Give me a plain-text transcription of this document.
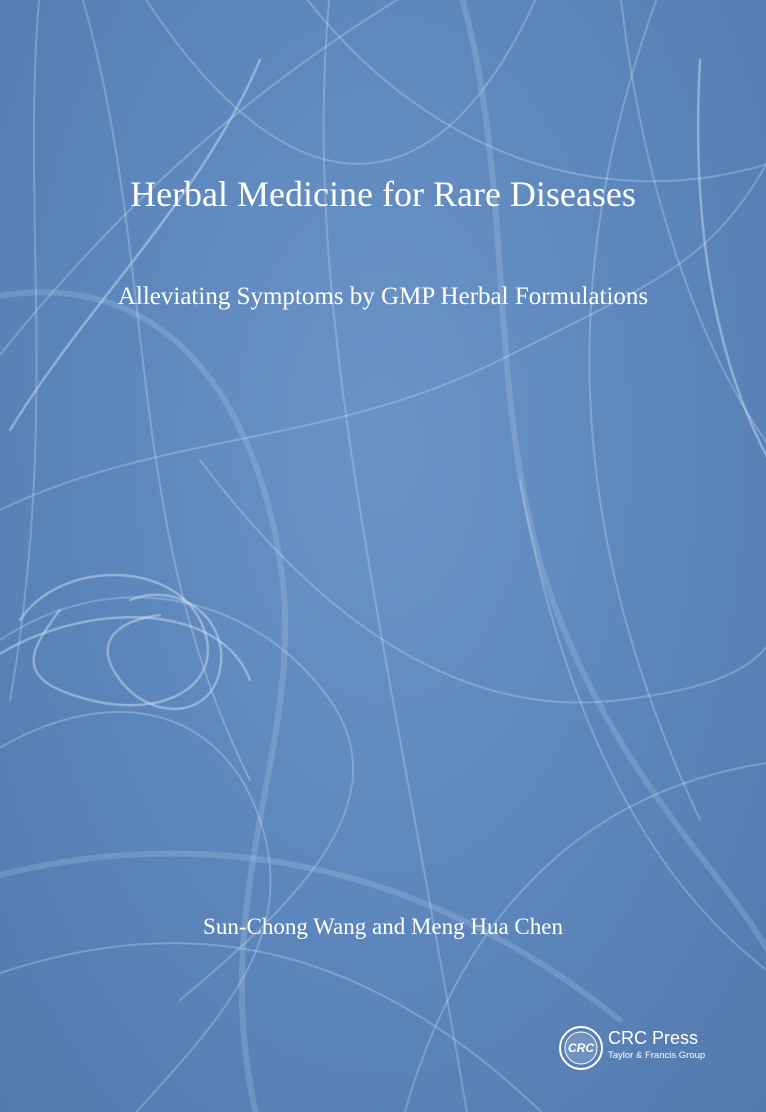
Herbal Medicine for Rare Diseases
Alleviating Symptoms by GMP Herbal Formulations
Sun-Chong Wang and Meng Hua Chen
CRC CRC Press
Taylor & Francis Group
